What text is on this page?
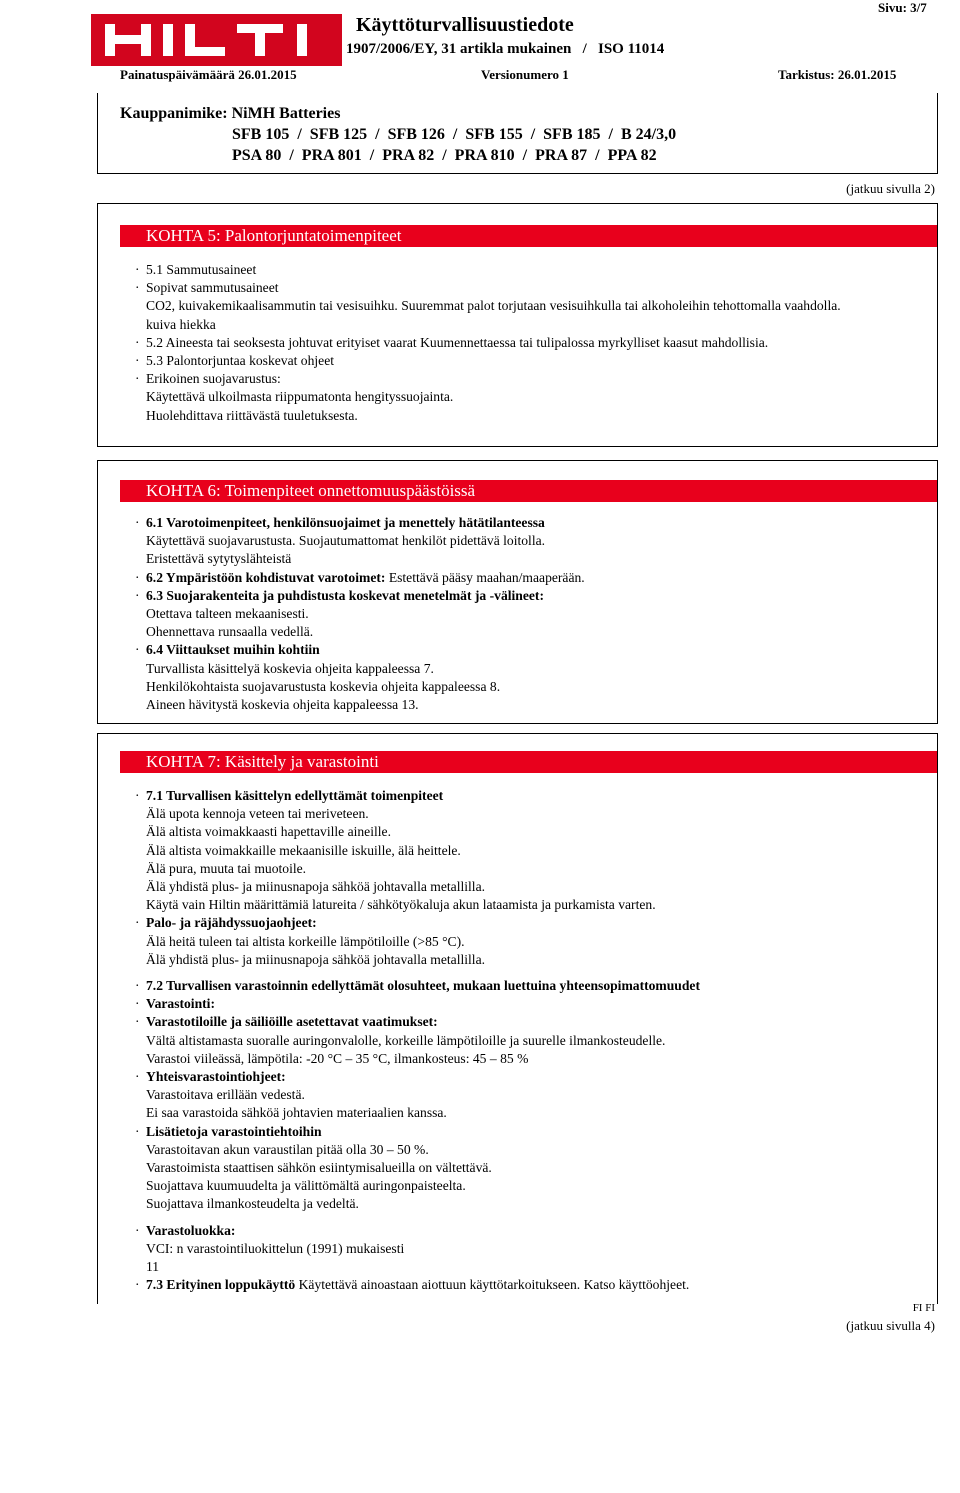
Käyttöturvallisuustiedote
1907/2006/EY, 31 artikla mukainen   /   ISO 11014
Sivu: 3/7
Painatuspäivämäärä 26.01.2015	Versionumero 1	Tarkistus: 26.01.2015
Kauppanimike: NiMH Batteries
SFB 105  /  SFB 125  /  SFB 126  /  SFB 155  /  SFB 185  /  B 24/3,0
PSA 80  /  PRA 801  /  PRA 82  /  PRA 810  /  PRA 87  /  PPA 82
(jatkuu sivulla 2)
KOHTA 5: Palontorjuntatoimenpiteet
· 5.1 Sammutusaineet
· Sopivat sammutusaineet
CO2, kuivakemikaalisammutin tai vesisuihku. Suuremmat palot torjutaan vesisuihkulla tai alkoholeihin tehottomalla vaahdolla.
kuiva hiekka
· 5.2 Aineesta tai seoksesta johtuvat erityiset vaarat Kuumennettaessa tai tulipalossa myrkylliset kaasut mahdollisia.
· 5.3 Palontorjuntaa koskevat ohjeet
· Erikoinen suojavarustus:
Käytettävä ulkoilmasta riippumatonta hengityssuojainta.
Huolehdittava riittävästä tuuletuksesta.
KOHTA 6: Toimenpiteet onnettomuuspäästöissä
· 6.1 Varotoimenpiteet, henkilönsuojaimet ja menettely hätätilanteessa
Käytettävä suojavarustusta. Suojautumattomat henkilöt pidettävä loitolla.
Eristettävä sytytyslähteistä
· 6.2 Ympäristöön kohdistuvat varotoimet: Estettävä pääsy maahan/maaperään.
· 6.3 Suojarakenteita ja puhdistusta koskevat menetelmät ja -välineet:
Otettava talteen mekaanisesti.
Ohennettava runsaalla vedellä.
· 6.4 Viittaukset muihin kohtiin
Turvallista käsittelyä koskevia ohjeita kappaleessa 7.
Henkilökohtaista suojavarustusta koskevia ohjeita kappaleessa 8.
Aineen hävitystä koskevia ohjeita kappaleessa 13.
KOHTA 7: Käsittely ja varastointi
· 7.1 Turvallisen käsittelyn edellyttämät toimenpiteet
Älä upota kennoja veteen tai meriveteen.
Älä altista voimakkaasti hapettaville aineille.
Älä altista voimakkaille mekaanisille iskuille, älä heittele.
Älä pura, muuta tai muotoile.
Älä yhdistä plus- ja miinusnapoja sähköä johtavalla metallilla.
Käytä vain Hiltin määrittämiä latureita / sähkötyökaluja akun lataamista ja purkamista varten.
· Palo- ja räjähdyssuojaohjeet:
Älä heitä tuleen tai altista korkeille lämpötiloille (>85 °C).
Älä yhdistä plus- ja miinusnapoja sähköä johtavalla metallilla.
· 7.2 Turvallisen varastoinnin edellyttämät olosuhteet, mukaan luettuina yhteensopimattomuudet
· Varastointi:
· Varastotiloille ja säiliöille asetettavat vaatimukset:
Vältä altistamasta suoralle auringonvalolle, korkeille lämpötiloille ja suurelle ilmankosteudelle.
Varastoi viileässä, lämpötila: -20 °C – 35 °C, ilmankosteus: 45 – 85 %
· Yhteisvarastointiohjeet:
Varastoitava erillään vedestä.
Ei saa varastoida sähköä johtavien materiaalien kanssa.
· Lisätietoja varastointiehtoihin
Varastoitavan akun varaustilan pitää olla 30 – 50 %.
Varastoimista staattisen sähkön esiintymisalueilla on vältettävä.
Suojattava kuumuudelta ja välittömältä auringonpaisteelta.
Suojattava ilmankosteudelta ja vedeltä.
· Varastoluokka:
VCI: n varastointiluokittelun (1991) mukaisesti
11
· 7.3 Erityinen loppukäyttö Käytettävä ainoastaan aiottuun käyttötarkoitukseen. Katso käyttöohjeet.
FI FI
(jatkuu sivulla 4)
